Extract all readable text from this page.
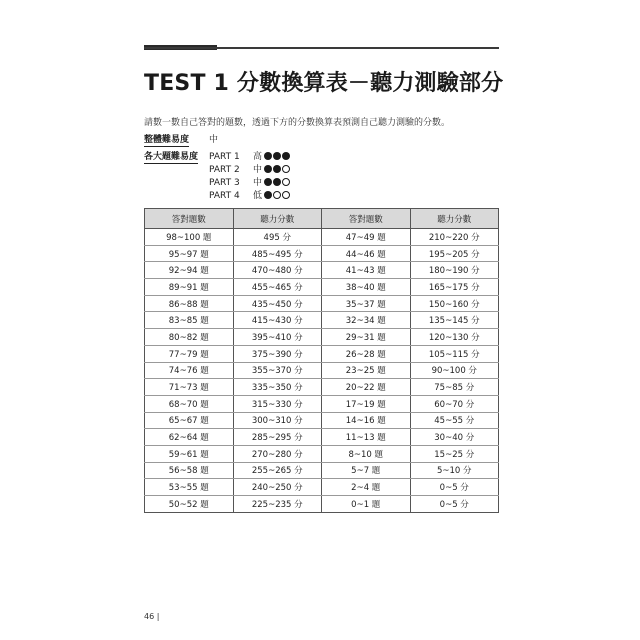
TEST 1 分數換算表－聽力測驗部分
請數一數自己答對的題數，透過下方的分數換算表預測自己聽力測驗的分數。
整體難易度 中
各大題難易度 PART 1 高
PART 2 中
PART 3 中
PART 4 低
答對題數	聽力分數	答對題數	聽力分數
98~100 題	495 分	47~49 題	210~220 分
95~97 題	485~495 分	44~46 題	195~205 分
92~94 題	470~480 分	41~43 題	180~190 分
89~91 題	455~465 分	38~40 題	165~175 分
86~88 題	435~450 分	35~37 題	150~160 分
83~85 題	415~430 分	32~34 題	135~145 分
80~82 題	395~410 分	29~31 題	120~130 分
77~79 題	375~390 分	26~28 題	105~115 分
74~76 題	355~370 分	23~25 題	90~100 分
71~73 題	335~350 分	20~22 題	75~85 分
68~70 題	315~330 分	17~19 題	60~70 分
65~67 題	300~310 分	14~16 題	45~55 分
62~64 題	285~295 分	11~13 題	30~40 分
59~61 題	270~280 分	8~10 題	15~25 分
56~58 題	255~265 分	5~7 題	5~10 分
53~55 題	240~250 分	2~4 題	0~5 分
50~52 題	225~235 分	0~1 題	0~5 分
46 |
